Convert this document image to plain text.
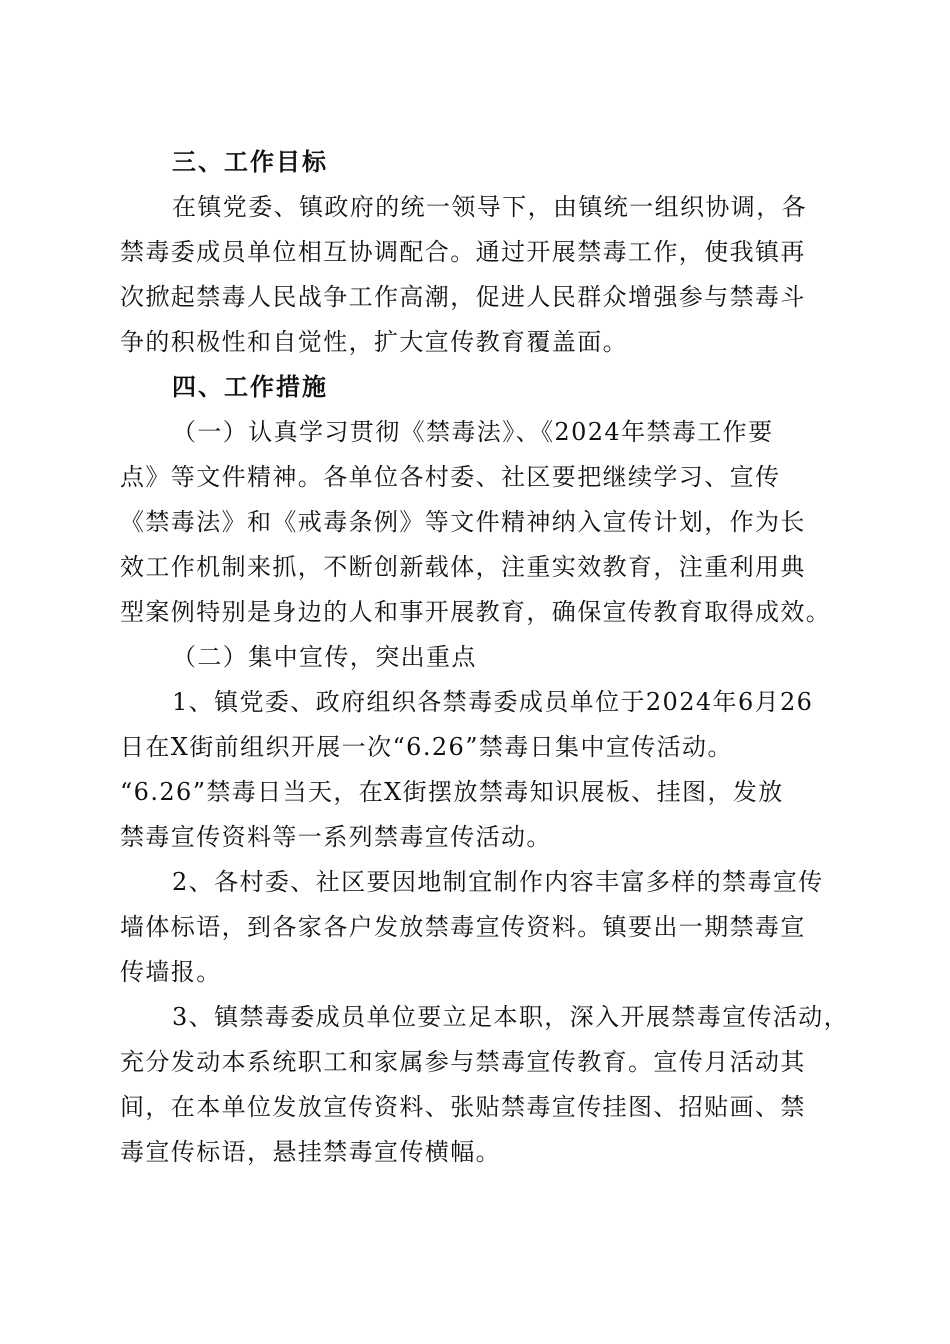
三、工作目标
在镇党委、镇政府的统一领导下，由镇统一组织协调，各
禁毒委成员单位相互协调配合。通过开展禁毒工作，使我镇再
次掀起禁毒人民战争工作高潮，促进人民群众增强参与禁毒斗
争的积极性和自觉性，扩大宣传教育覆盖面。
四、工作措施
（一）认真学习贯彻《禁毒法》、《2024年禁毒工作要
点》等文件精神。各单位各村委、社区要把继续学习、宣传
《禁毒法》和《戒毒条例》等文件精神纳入宣传计划，作为长
效工作机制来抓，不断创新载体，注重实效教育，注重利用典
型案例特别是身边的人和事开展教育，确保宣传教育取得成效。
（二）集中宣传，突出重点
1、镇党委、政府组织各禁毒委成员单位于2024年6月26
日在X街前组织开展一次“6.26”禁毒日集中宣传活动。
“6.26”禁毒日当天，在X街摆放禁毒知识展板、挂图，发放
禁毒宣传资料等一系列禁毒宣传活动。
2、各村委、社区要因地制宜制作内容丰富多样的禁毒宣传
墙体标语，到各家各户发放禁毒宣传资料。镇要出一期禁毒宣
传墙报。
3、镇禁毒委成员单位要立足本职，深入开展禁毒宣传活动，
充分发动本系统职工和家属参与禁毒宣传教育。宣传月活动其
间，在本单位发放宣传资料、张贴禁毒宣传挂图、招贴画、禁
毒宣传标语，悬挂禁毒宣传横幅。
